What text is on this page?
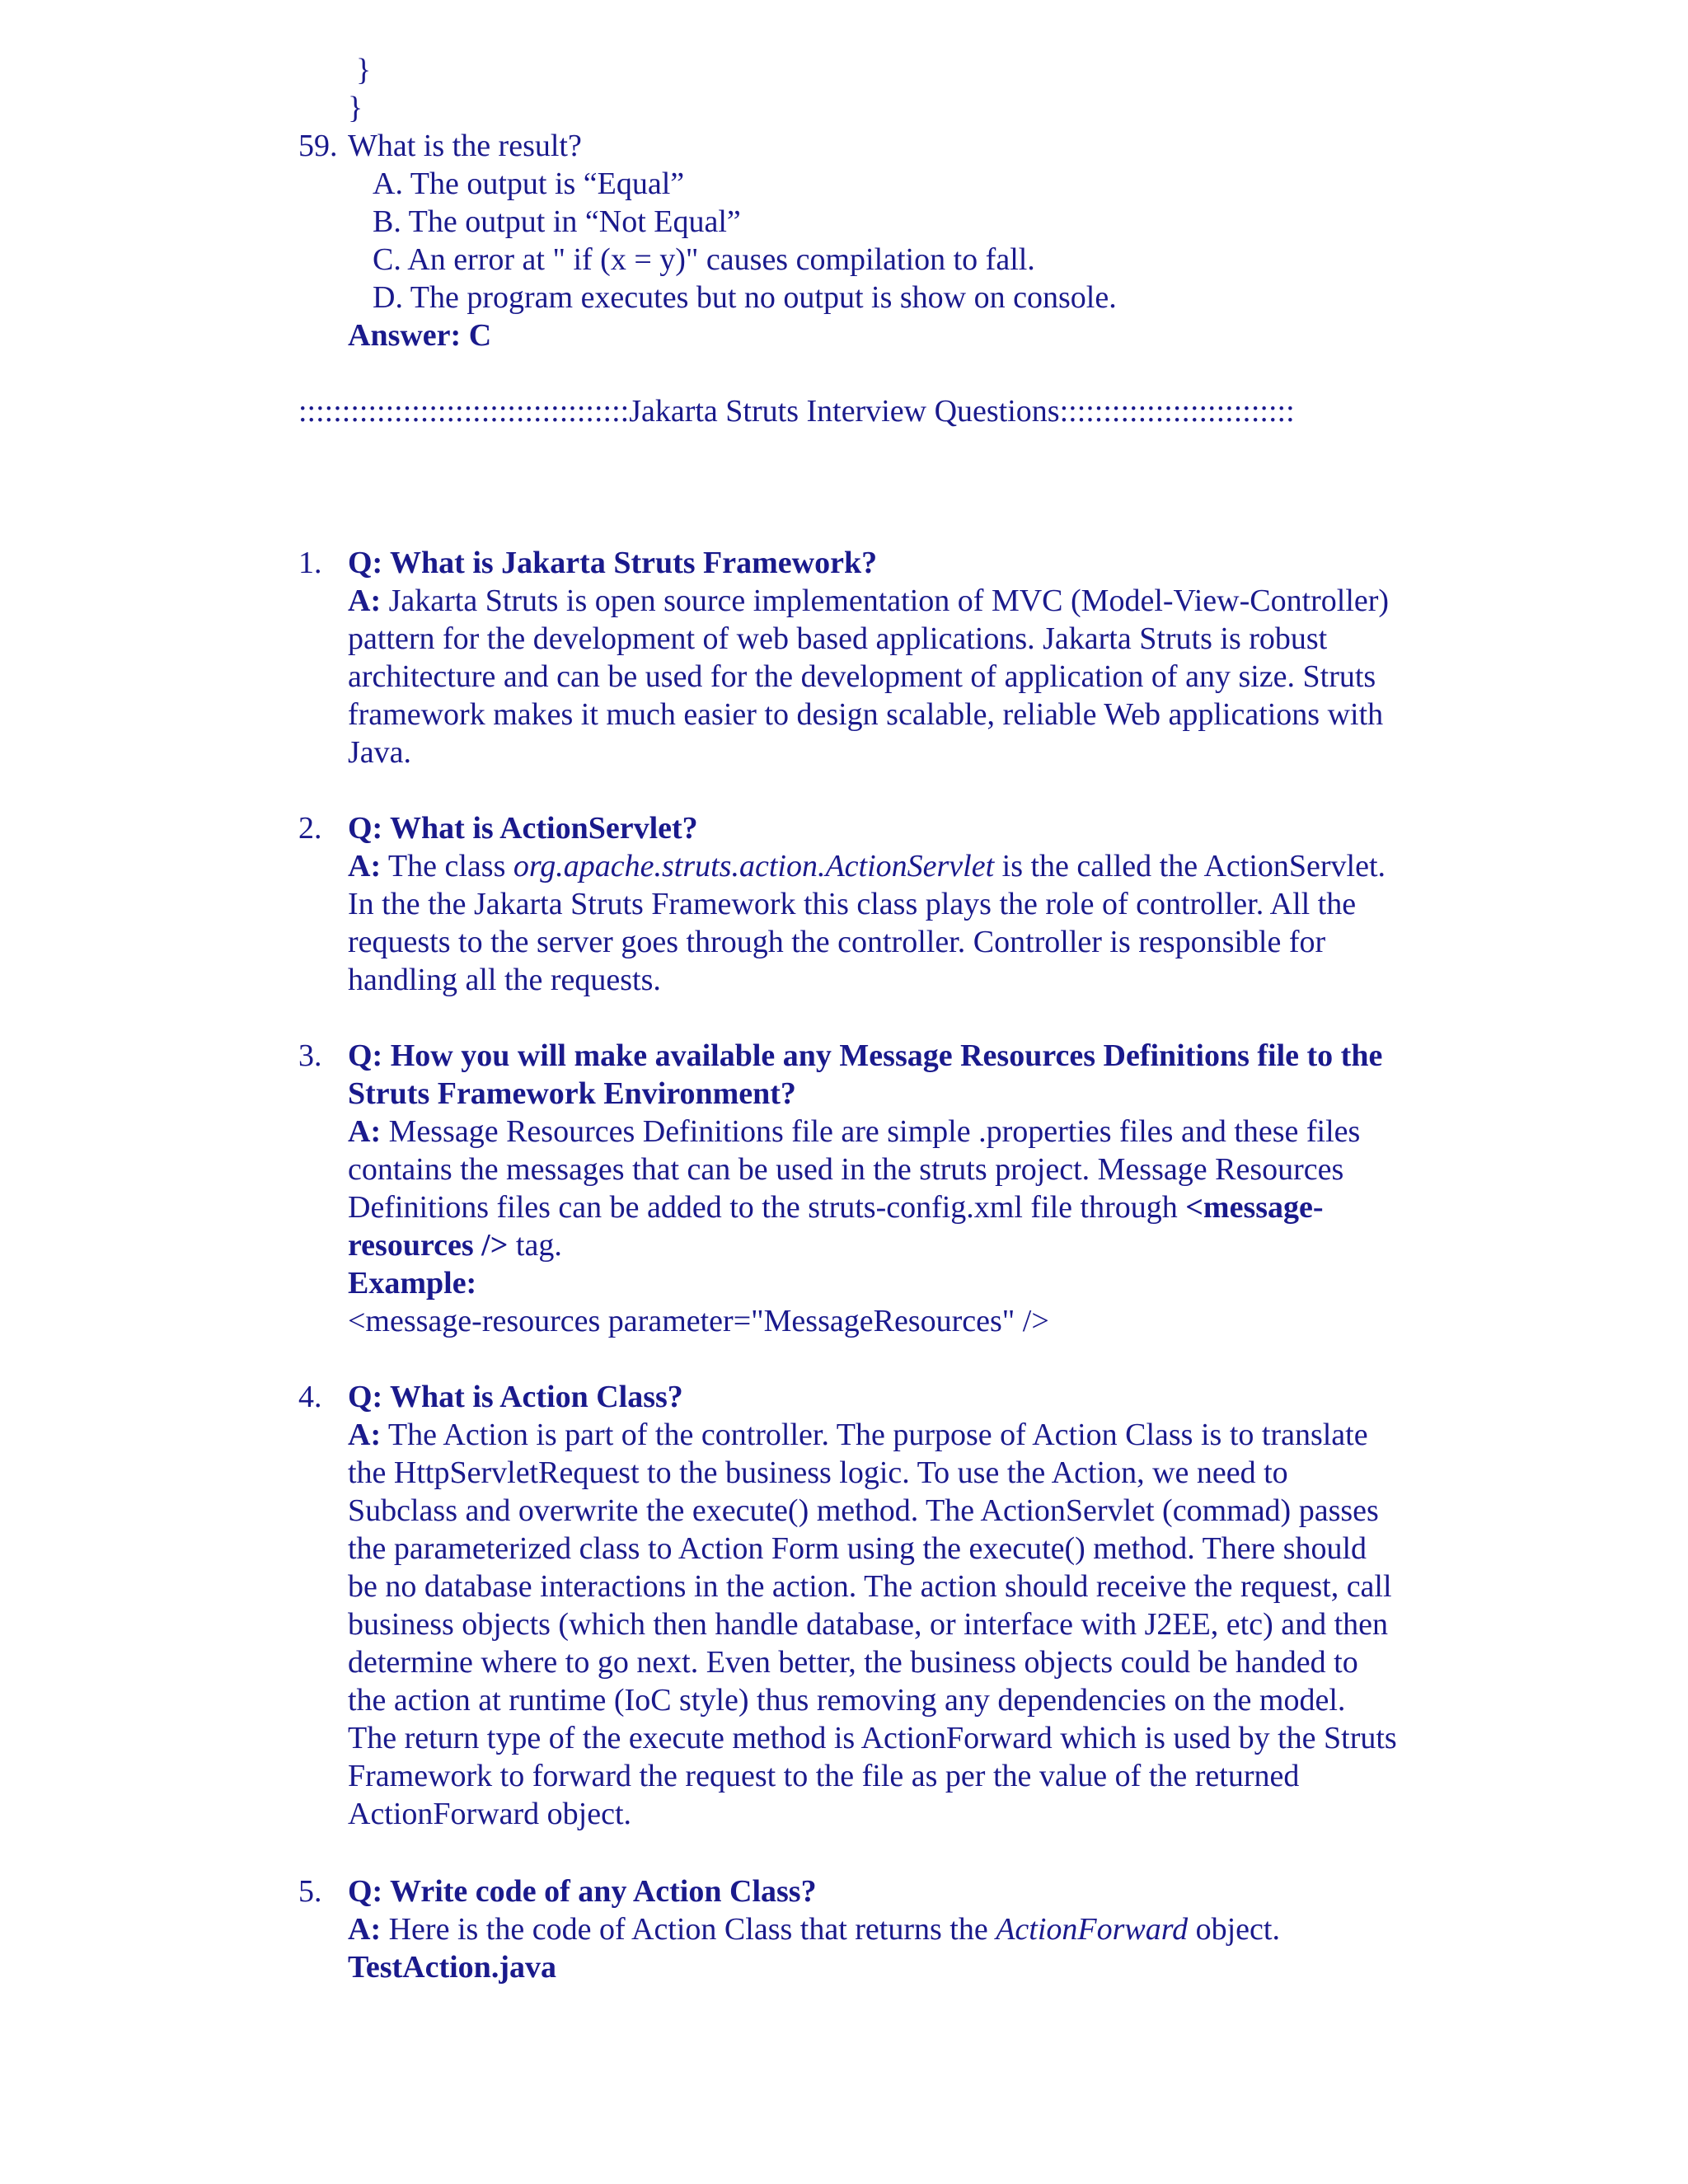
}
}
59. What is the result?
A. The output is “Equal”
B. The output in “Not Equal”
C. An error at " if (x = y)" causes compilation to fall.
D. The program executes but no output is show on console.
Answer: C
::::::::::::::::::::::::::::::::::::::Jakarta Struts Interview Questions:::::::::::::::::::::::::::
1. Q: What is Jakarta Struts Framework?

A: Jakarta Struts is open source implementation of MVC (Model-View-Controller)

pattern for the development of web based applications. Jakarta Struts is robust

architecture and can be used for the development of application of any size. Struts

framework makes it much easier to design scalable, reliable Web applications with

Java.

2. Q: What is ActionServlet?

A: The class org.apache.struts.action.ActionServlet is the called the ActionServlet.

In the the Jakarta Struts Framework this class plays the role of controller. All the

requests to the server goes through the controller. Controller is responsible for

handling all the requests.

3. Q: How you will make available any Message Resources Definitions file to the

Struts Framework Environment?

A: Message Resources Definitions file are simple .properties files and these files

contains the messages that can be used in the struts project. Message Resources

Definitions files can be added to the struts-config.xml file through <message-

resources /> tag.

Example:

<message-resources parameter="MessageResources" />

4. Q: What is Action Class?

A: The Action is part of the controller. The purpose of Action Class is to translate

the HttpServletRequest to the business logic. To use the Action, we need to

Subclass and overwrite the execute() method. The ActionServlet (commad) passes

the parameterized class to Action Form using the execute() method. There should

be no database interactions in the action. The action should receive the request, call

business objects (which then handle database, or interface with J2EE, etc) and then

determine where to go next. Even better, the business objects could be handed to

the action at runtime (IoC style) thus removing any dependencies on the model.

The return type of the execute method is ActionForward which is used by the Struts

Framework to forward the request to the file as per the value of the returned

ActionForward object.

5. Q: Write code of any Action Class?

A: Here is the code of Action Class that returns the ActionForward object.

TestAction.java
